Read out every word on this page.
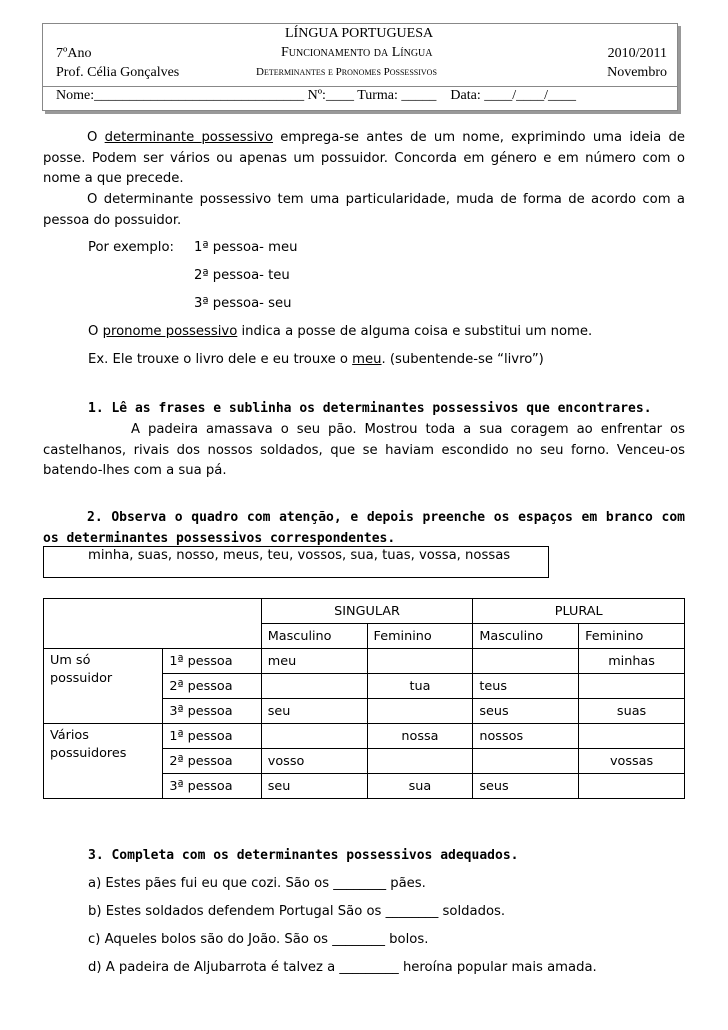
LÍNGUA PORTUGUESA
7ºAno	Funcionamento da Língua	2010/2011
Prof. Célia Gonçalves	Determinantes e Pronomes Possessivos	Novembro
Nome:______________________________ Nº:____ Turma: _____    Data: ____/____/____
O determinante possessivo emprega-se antes de um nome, exprimindo uma ideia de posse. Podem ser vários ou apenas um possuidor. Concorda em género e em número com o nome a que precede.
O determinante possessivo tem uma particularidade, muda de forma de acordo com a pessoa do possuidor.
Por exemplo: 1ª pessoa- meu
2ª pessoa- teu
3ª pessoa- seu
O pronome possessivo indica a posse de alguma coisa e substitui um nome.
Ex. Ele trouxe o livro dele e eu trouxe o meu. (subentende-se “livro”)
1. Lê as frases e sublinha os determinantes possessivos que encontrares.
A padeira amassava o seu pão. Mostrou toda a sua coragem ao enfrentar os castelhanos, rivais dos nossos soldados, que se haviam escondido no seu forno. Venceu-os batendo-lhes com a sua pá.
2. Observa o quadro com atenção, e depois preenche os espaços em branco com os determinantes possessivos correspondentes.
minha, suas, nosso, meus, teu, vossos, sua, tuas, vossa, nossas
		SINGULAR		PLURAL	
		Masculino	Feminino	Masculino	Feminino
Um só possuidor	1ª pessoa	meu			minhas
	2ª pessoa		tua	teus	
	3ª pessoa	seu		seus	suas
Vários possuidores	1ª pessoa		nossa	nossos	
	2ª pessoa	vosso			vossas
	3ª pessoa	seu	sua	seus	
3. Completa com os determinantes possessivos adequados.
a) Estes pães fui eu que cozi. São os ________ pães.
b) Estes soldados defendem Portugal São os ________ soldados.
c) Aqueles bolos são do João. São os ________ bolos.
d) A padeira de Aljubarrota é talvez a _________ heroína popular mais amada.
